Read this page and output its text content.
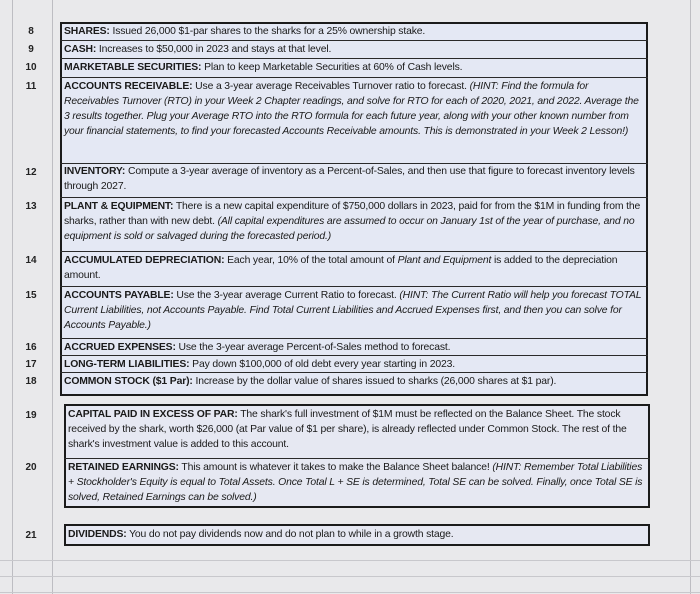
8
9
10
11
12
13
14
15
16
17
18
19
20
21
SHARES: Issued 26,000 $1-par shares to the sharks for a 25% ownership stake.
CASH: Increases to $50,000 in 2023 and stays at that level.
MARKETABLE SECURITIES: Plan to keep Marketable Securities at 60% of Cash levels.
ACCOUNTS RECEIVABLE: Use a 3-year average Receivables Turnover ratio to forecast. (HINT: Find the formula for Receivables Turnover (RTO) in your Week 2 Chapter readings, and solve for RTO for each of 2020, 2021, and 2022. Average the 3 results together. Plug your Average RTO into the RTO formula for each future year, along with your other known number from your financial statements, to find your forecasted Accounts Receivable amounts. This is demonstrated in your Week 2 Lesson!)
INVENTORY: Compute a 3-year average of inventory as a Percent-of-Sales, and then use that figure to forecast inventory levels through 2027.
PLANT & EQUIPMENT: There is a new capital expenditure of $750,000 dollars in 2023, paid for from the $1M in funding from the sharks, rather than with new debt. (All capital expenditures are assumed to occur on January 1st of the year of purchase, and no equipment is sold or salvaged during the forecasted period.)
ACCUMULATED DEPRECIATION: Each year, 10% of the total amount of Plant and Equipment is added to the depreciation amount.
ACCOUNTS PAYABLE: Use the 3-year average Current Ratio to forecast. (HINT: The Current Ratio will help you forecast TOTAL Current Liabilities, not Accounts Payable. Find Total Current Liabilities and Accrued Expenses first, and then you can solve for Accounts Payable.)
ACCRUED EXPENSES: Use the 3-year average Percent-of-Sales method to forecast.
LONG-TERM LIABILITIES: Pay down $100,000 of old debt every year starting in 2023.
COMMON STOCK ($1 Par): Increase by the dollar value of shares issued to sharks (26,000 shares at $1 par).
CAPITAL PAID IN EXCESS OF PAR: The shark's full investment of $1M must be reflected on the Balance Sheet. The stock received by the shark, worth $26,000 (at Par value of $1 per share), is already reflected under Common Stock. The rest of the shark's investment value is added to this account.
RETAINED EARNINGS: This amount is whatever it takes to make the Balance Sheet balance! (HINT: Remember Total Liabilities + Stockholder's Equity is equal to Total Assets. Once Total L + SE is determined, Total SE can be solved. Finally, once Total SE is solved, Retained Earnings can be solved.)
DIVIDENDS: You do not pay dividends now and do not plan to while in a growth stage.
